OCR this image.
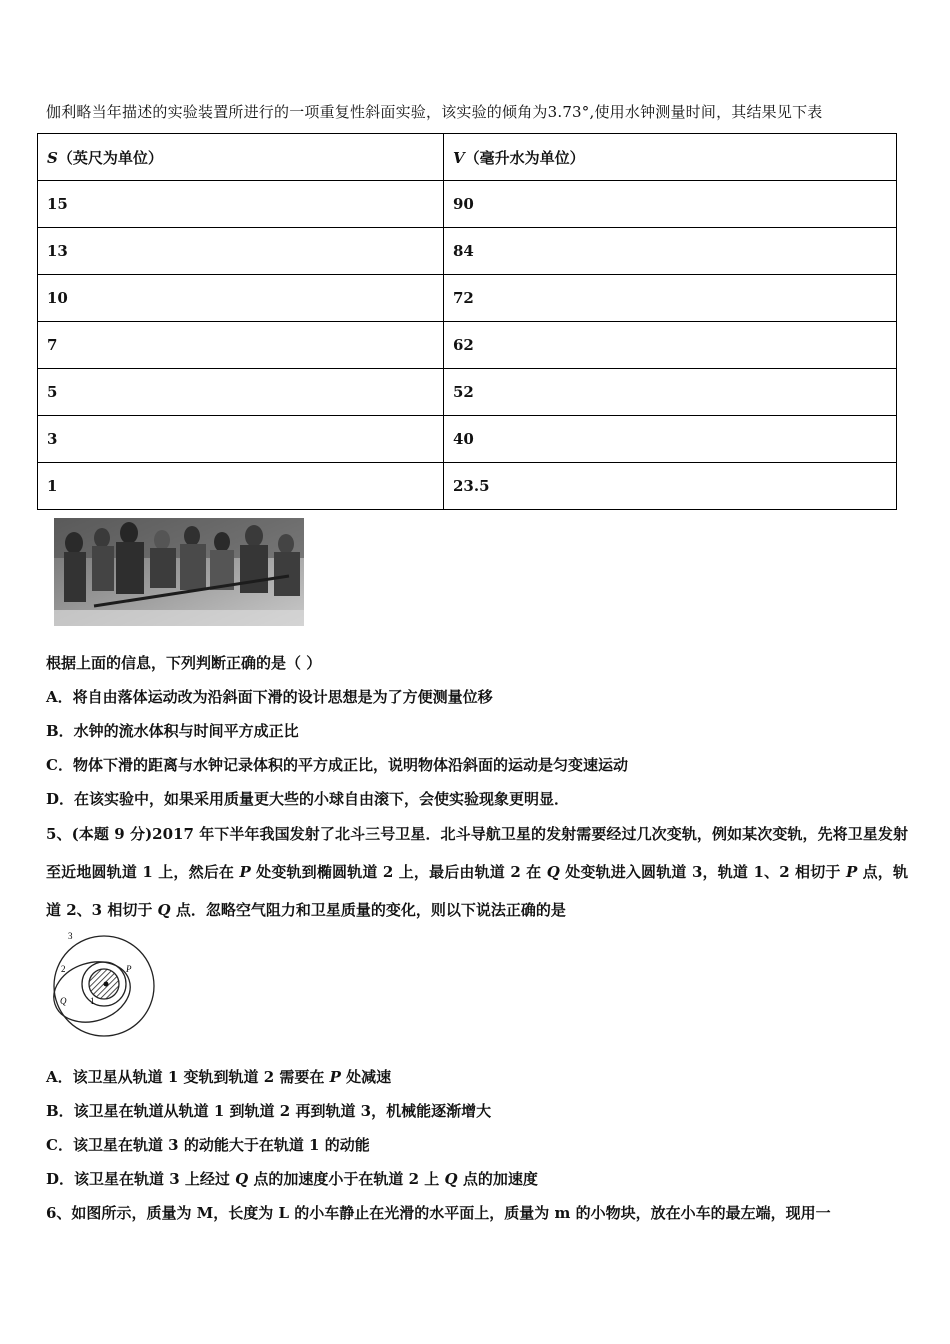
伽利略当年描述的实验装置所进行的一项重复性斜面实验，该实验的倾角为3.73°,使用水钟测量时间，其结果见下表
S（英尺为单位）	V（毫升水为单位）
15	90
13	84
10	72
7	62
5	52
3	40
1	23.5
根据上面的信息，下列判断正确的是（ ）
A．将自由落体运动改为沿斜面下滑的设计思想是为了方便测量位移
B．水钟的流水体积与时间平方成正比
C．物体下滑的距离与水钟记录体积的平方成正比，说明物体沿斜面的运动是匀变速运动
D．在该实验中，如果采用质量更大些的小球自由滚下，会使实验现象更明显．
5、(本题 9 分)2017 年下半年我国发射了北斗三号卫星．北斗导航卫星的发射需要经过几次变轨，例如某次变轨，先将卫星发射至近地圆轨道 1 上，然后在 P 处变轨到椭圆轨道 2 上，最后由轨道 2 在 Q 处变轨进入圆轨道 3，轨道 1、2 相切于 P 点，轨道 2、3 相切于 Q 点．忽略空气阻力和卫星质量的变化，则以下说法正确的是
3
2
1
P
Q
A．该卫星从轨道 1 变轨到轨道 2 需要在 P 处减速
B．该卫星在轨道从轨道 1 到轨道 2 再到轨道 3，机械能逐渐增大
C．该卫星在轨道 3 的动能大于在轨道 1 的动能
D．该卫星在轨道 3 上经过 Q 点的加速度小于在轨道 2 上 Q 点的加速度
6、如图所示，质量为 M，长度为 L 的小车静止在光滑的水平面上，质量为 m 的小物块，放在小车的最左端，现用一
